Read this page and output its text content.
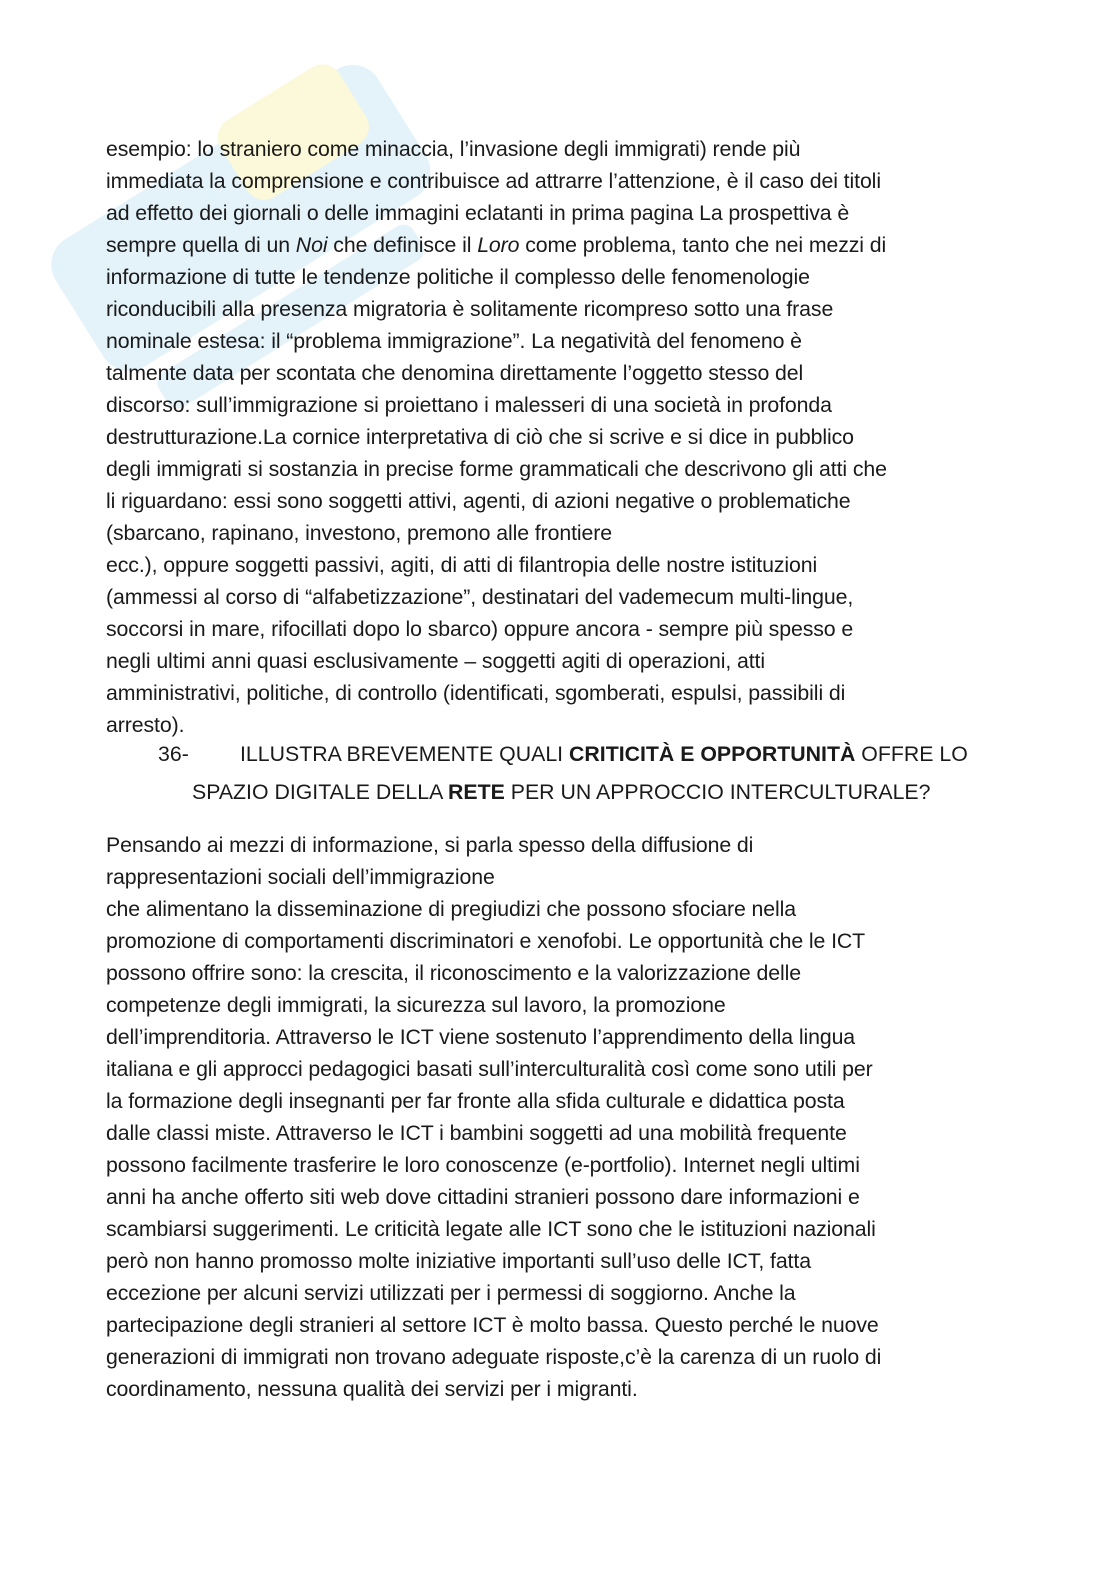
esempio: lo straniero come minaccia, l’invasione degli immigrati) rende più
immediata la comprensione e contribuisce ad attrarre l’attenzione, è il caso dei titoli
ad effetto dei giornali o delle immagini eclatanti in prima pagina La prospettiva è
sempre quella di un Noi che definisce il Loro come problema, tanto che nei mezzi di
informazione di tutte le tendenze politiche il complesso delle fenomenologie
riconducibili alla presenza migratoria è solitamente ricompreso sotto una frase
nominale estesa: il “problema immigrazione”. La negatività del fenomeno è
talmente data per scontata che denomina direttamente l’oggetto stesso del
discorso: sull’immigrazione si proiettano i malesseri di una società in profonda
destrutturazione.La cornice interpretativa di ciò che si scrive e si dice in pubblico
degli immigrati si sostanzia in precise forme grammaticali che descrivono gli atti che
li riguardano: essi sono soggetti attivi, agenti, di azioni negative o problematiche
(sbarcano, rapinano, investono, premono alle frontiere
ecc.), oppure soggetti passivi, agiti, di atti di filantropia delle nostre istituzioni
(ammessi al corso di “alfabetizzazione”, destinatari del vademecum multi-lingue,
soccorsi in mare, rifocillati dopo lo sbarco) oppure ancora - sempre più spesso e
negli ultimi anni quasi esclusivamente – soggetti agiti di operazioni, atti
amministrativi, politiche, di controllo (identificati, sgomberati, espulsi, passibili di
arresto).
36- ILLUSTRA BREVEMENTE QUALI CRITICITÀ E OPPORTUNITÀ OFFRE LO
SPAZIO DIGITALE DELLA RETE PER UN APPROCCIO INTERCULTURALE?
Pensando ai mezzi di informazione, si parla spesso della diffusione di
rappresentazioni sociali dell’immigrazione
che alimentano la disseminazione di pregiudizi che possono sfociare nella
promozione di comportamenti discriminatori e xenofobi. Le opportunità che le ICT
possono offrire sono: la crescita, il riconoscimento e la valorizzazione delle
competenze degli immigrati, la sicurezza sul lavoro, la promozione
dell’imprenditoria. Attraverso le ICT viene sostenuto l’apprendimento della lingua
italiana e gli approcci pedagogici basati sull’interculturalità così come sono utili per
la formazione degli insegnanti per far fronte alla sfida culturale e didattica posta
dalle classi miste. Attraverso le ICT i bambini soggetti ad una mobilità frequente
possono facilmente trasferire le loro conoscenze (e-portfolio). Internet negli ultimi
anni ha anche offerto siti web dove cittadini stranieri possono dare informazioni e
scambiarsi suggerimenti. Le criticità legate alle ICT sono che le istituzioni nazionali
però non hanno promosso molte iniziative importanti sull’uso delle ICT, fatta
eccezione per alcuni servizi utilizzati per i permessi di soggiorno. Anche la
partecipazione degli stranieri al settore ICT è molto bassa. Questo perché le nuove
generazioni di immigrati non trovano adeguate risposte,c’è la carenza di un ruolo di
coordinamento, nessuna qualità dei servizi per i migranti.
